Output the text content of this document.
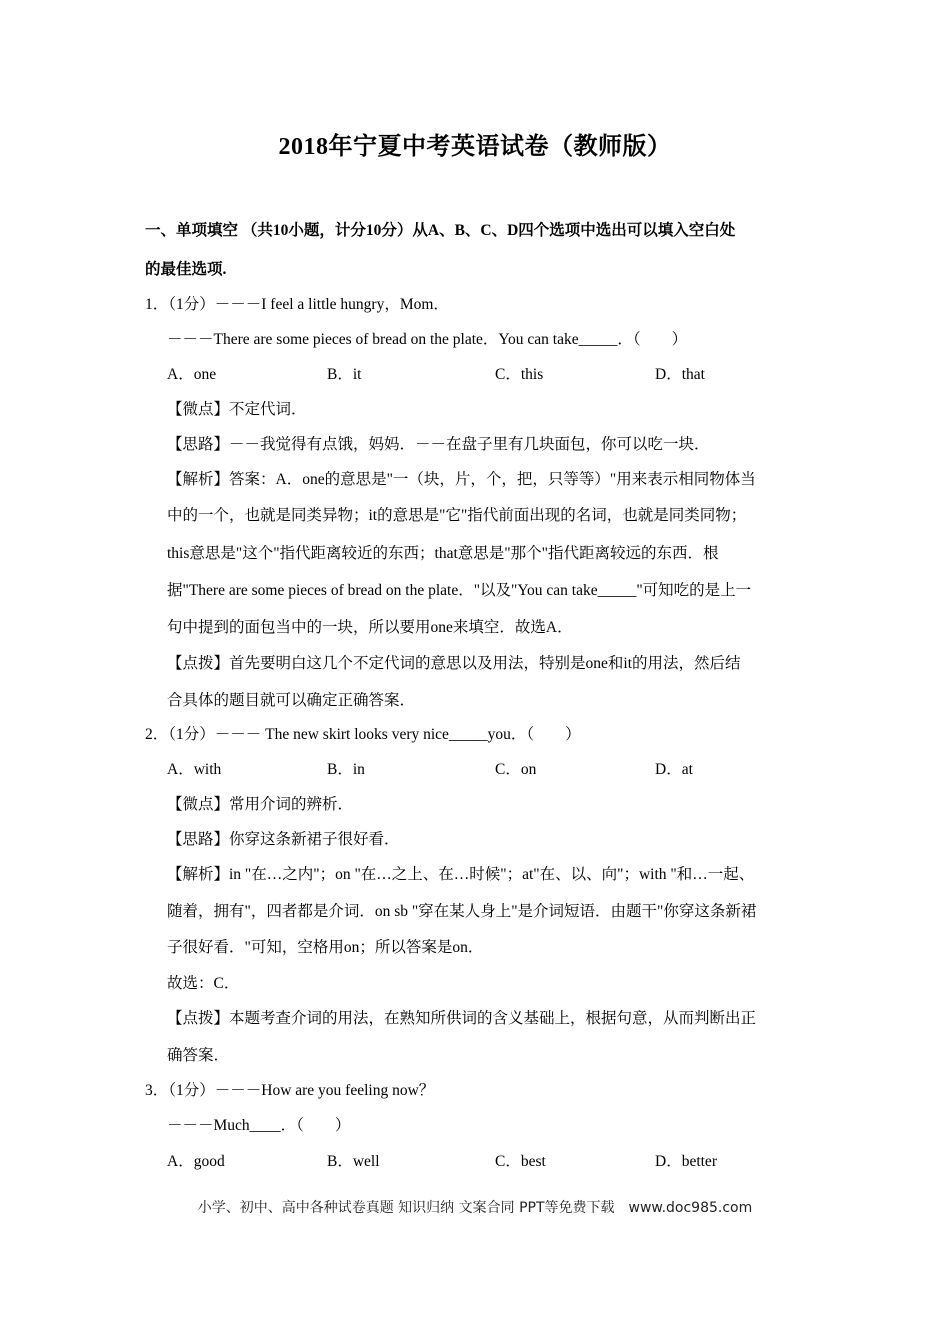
2018年宁夏中考英语试卷（教师版）
一、单项填空 （共10小题，计分10分）从A、B、C、D四个选项中选出可以填入空白处
的最佳选项.
1．（1分）－－－I feel a little hungry，Mom．
－－－There are some pieces of bread on the plate．You can take_____．（　　）
A．one	B．it	C．this	D．that
【微点】不定代词．
【思路】－－我觉得有点饿，妈妈．－－在盘子里有几块面包，你可以吃一块．
【解析】答案：A．one的意思是"一（块，片，个，把，只等等）"用来表示相同物体当
中的一个，也就是同类异物；it的意思是"它"指代前面出现的名词，也就是同类同物；
this意思是"这个"指代距离较近的东西；that意思是"那个"指代距离较远的东西．根
据"There are some pieces of bread on the plate．"以及"You can take_____"可知吃的是上一
句中提到的面包当中的一块，所以要用one来填空．故选A．
【点拨】首先要明白这几个不定代词的意思以及用法，特别是one和it的用法，然后结
合具体的题目就可以确定正确答案．
2．（1分）－－－ The new skirt looks very nice_____you．（　　）
A．with	B．in	C．on	D．at
【微点】常用介词的辨析．
【思路】你穿这条新裙子很好看．
【解析】in "在…之内"；on "在…之上、在…时候"；at"在、以、向"；with "和…一起、
随着，拥有"，四者都是介词．on sb "穿在某人身上"是介词短语．由题干"你穿这条新裙
子很好看．"可知，空格用on；所以答案是on．
故选：C．
【点拨】本题考查介词的用法，在熟知所供词的含义基础上，根据句意，从而判断出正
确答案．
3．（1分）－－－How are you feeling now？
－－－Much____．（　　）
A．good	B．well	C．best	D．better
小学、初中、高中各种试卷真题 知识归纳 文案合同 PPT等免费下载　www.doc985.com
